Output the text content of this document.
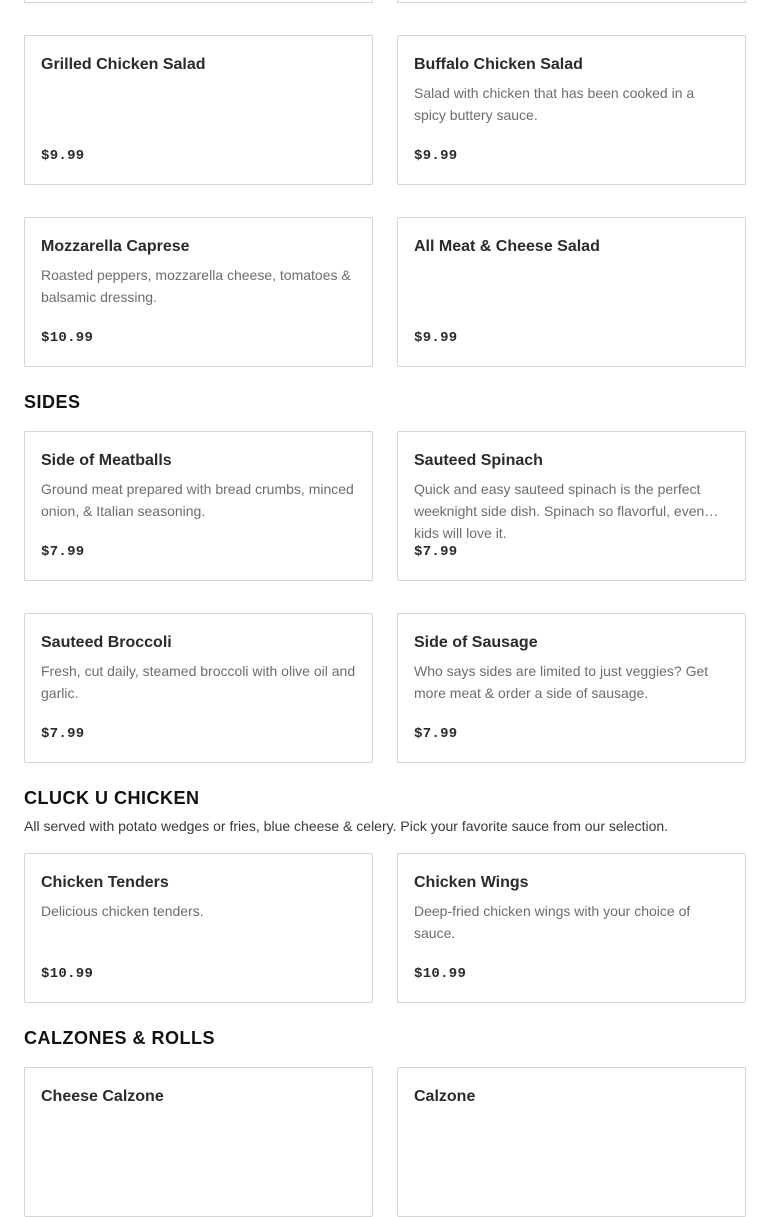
Grilled Chicken Salad

$9.99

Buffalo Chicken Salad

Salad with chicken that has been cooked in a spicy buttery sauce.
$9.99

Mozzarella Caprese

Roasted peppers, mozzarella cheese, tomatoes & balsamic dressing.
$10.99

All Meat & Cheese Salad

$9.99
SIDES

Side of Meatballs

Ground meat prepared with bread crumbs, minced onion, & Italian seasoning.
$7.99

Sauteed Spinach

Quick and easy sauteed spinach is the perfect weeknight side dish. Spinach so flavorful, even kids will love it.
$7.99

Sauteed Broccoli

Fresh, cut daily, steamed broccoli with olive oil and garlic.
$7.99

Side of Sausage

Who says sides are limited to just veggies? Get more meat & order a side of sausage.
$7.99
CLUCK U CHICKEN

All served with potato wedges or fries, blue cheese & celery. Pick your favorite sauce from our selection.

Chicken Tenders

Delicious chicken tenders.
$10.99

Chicken Wings

Deep-fried chicken wings with your choice of sauce.
$10.99
CALZONES & ROLLS

Cheese Calzone	Calzone
